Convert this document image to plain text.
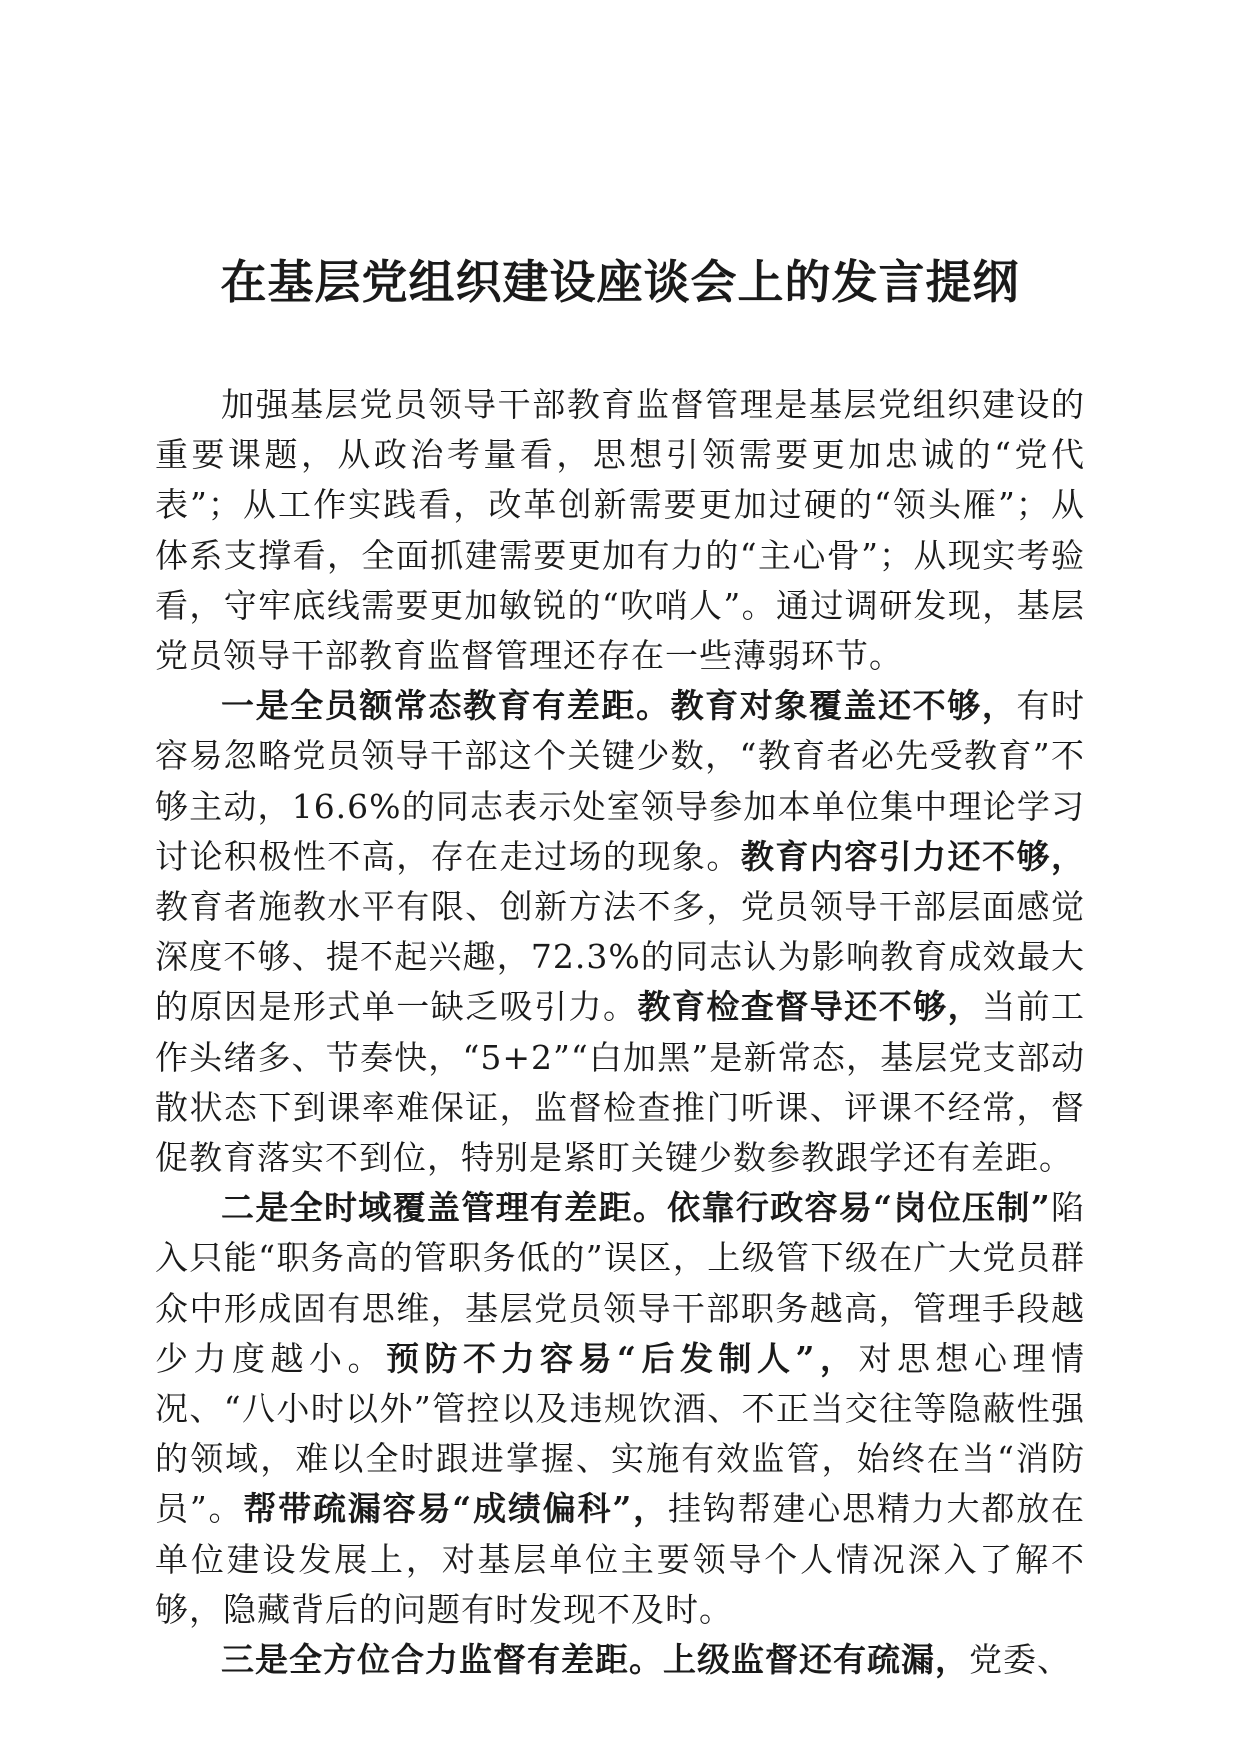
在基层党组织建设座谈会上的发言提纲

加强基层党员领导干部教育监督管理是基层党组织建设的重要课题，从政治考量看，思想引领需要更加忠诚的“党代表”；从工作实践看，改革创新需要更加过硬的“领头雁”；从体系支撑看，全面抓建需要更加有力的“主心骨”；从现实考验看，守牢底线需要更加敏锐的“吹哨人”。通过调研发现，基层党员领导干部教育监督管理还存在一些薄弱环节。

一是全员额常态教育有差距。教育对象覆盖还不够，有时容易忽略党员领导干部这个关键少数，“教育者必先受教育”不够主动，16.6%的同志表示处室领导参加本单位集中理论学习讨论积极性不高，存在走过场的现象。教育内容引力还不够，教育者施教水平有限、创新方法不多，党员领导干部层面感觉深度不够、提不起兴趣，72.3%的同志认为影响教育成效最大的原因是形式单一缺乏吸引力。教育检查督导还不够，当前工作头绪多、节奏快，“5+2”“白加黑”是新常态，基层党支部动散状态下到课率难保证，监督检查推门听课、评课不经常，督促教育落实不到位，特别是紧盯关键少数参教跟学还有差距。

二是全时域覆盖管理有差距。依靠行政容易“岗位压制”陷入只能“职务高的管职务低的”误区，上级管下级在广大党员群众中形成固有思维，基层党员领导干部职务越高，管理手段越少力度越小。预防不力容易“后发制人”，对思想心理情况、“八小时以外”管控以及违规饮酒、不正当交往等隐蔽性强的领域，难以全时跟进掌握、实施有效监管，始终在当“消防员”。帮带疏漏容易“成绩偏科”，挂钩帮建心思精力大都放在单位建设发展上，对基层单位主要领导个人情况深入了解不够，隐藏背后的问题有时发现不及时。

三是全方位合力监督有差距。上级监督还有疏漏，党委、
